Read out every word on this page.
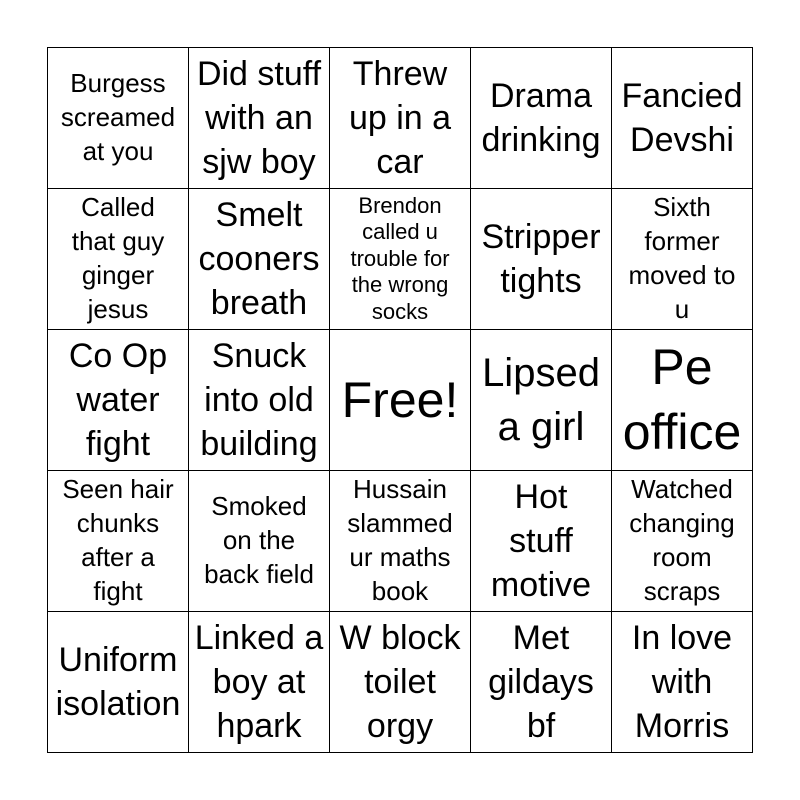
Burgess
screamed
at you
Did stuff
with an
sjw boy
Threw
up in a
car
Drama
drinking
Fancied
Devshi
Called
that guy
ginger
jesus
Smelt
cooners
breath
Brendon
called u
trouble for
the wrong
socks
Stripper
tights
Sixth
former
moved to
u
Co Op
water
fight
Snuck
into old
building
Free! Lipsed
a girl
Pe
office
Seen hair
chunks
after a
fight
Smoked
on the
back field
Hussain
slammed
ur maths
book
Hot
stuff
motive
Watched
changing
room
scraps
Uniform
isolation
Linked a
boy at
hpark
W block
toilet
orgy
Met
gildays
bf
In love
with
Morris
